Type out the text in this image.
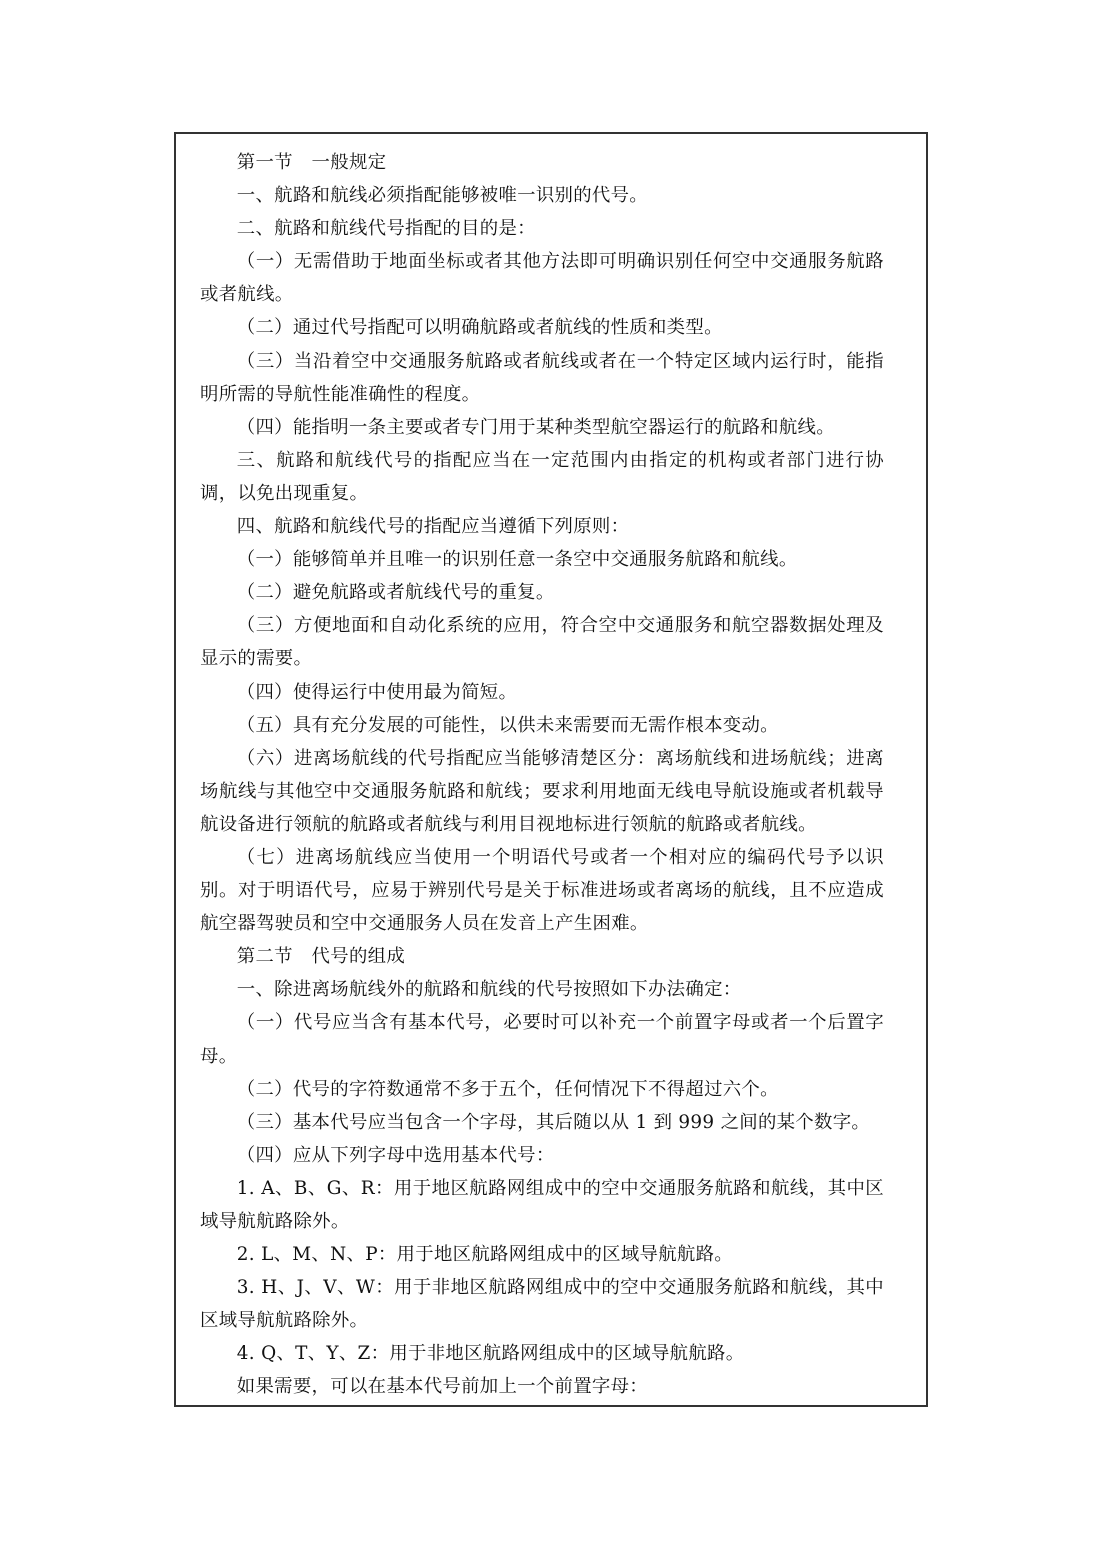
第一节　一般规定

一、航路和航线必须指配能够被唯一识别的代号。

二、航路和航线代号指配的目的是：

（一）无需借助于地面坐标或者其他方法即可明确识别任何空中交通服务航路或者航线。

（二）通过代号指配可以明确航路或者航线的性质和类型。

（三）当沿着空中交通服务航路或者航线或者在一个特定区域内运行时，能指明所需的导航性能准确性的程度。

（四）能指明一条主要或者专门用于某种类型航空器运行的航路和航线。

三、航路和航线代号的指配应当在一定范围内由指定的机构或者部门进行协调，以免出现重复。

四、航路和航线代号的指配应当遵循下列原则：

（一）能够简单并且唯一的识别任意一条空中交通服务航路和航线。

（二）避免航路或者航线代号的重复。

（三）方便地面和自动化系统的应用，符合空中交通服务和航空器数据处理及显示的需要。

（四）使得运行中使用最为简短。

（五）具有充分发展的可能性，以供未来需要而无需作根本变动。

（六）进离场航线的代号指配应当能够清楚区分：离场航线和进场航线；进离场航线与其他空中交通服务航路和航线；要求利用地面无线电导航设施或者机载导航设备进行领航的航路或者航线与利用目视地标进行领航的航路或者航线。

（七）进离场航线应当使用一个明语代号或者一个相对应的编码代号予以识别。对于明语代号，应易于辨别代号是关于标准进场或者离场的航线，且不应造成航空器驾驶员和空中交通服务人员在发音上产生困难。

第二节　代号的组成

一、除进离场航线外的航路和航线的代号按照如下办法确定：

（一）代号应当含有基本代号，必要时可以补充一个前置字母或者一个后置字母。

（二）代号的字符数通常不多于五个，任何情况下不得超过六个。

（三）基本代号应当包含一个字母，其后随以从 1 到 999 之间的某个数字。

（四）应从下列字母中选用基本代号：

1. A、B、G、R：用于地区航路网组成中的空中交通服务航路和航线，其中区域导航航路除外。

2. L、M、N、P：用于地区航路网组成中的区域导航航路。

3. H、J、V、W：用于非地区航路网组成中的空中交通服务航路和航线，其中区域导航航路除外。

4. Q、T、Y、Z：用于非地区航路网组成中的区域导航航路。

如果需要，可以在基本代号前加上一个前置字母：
